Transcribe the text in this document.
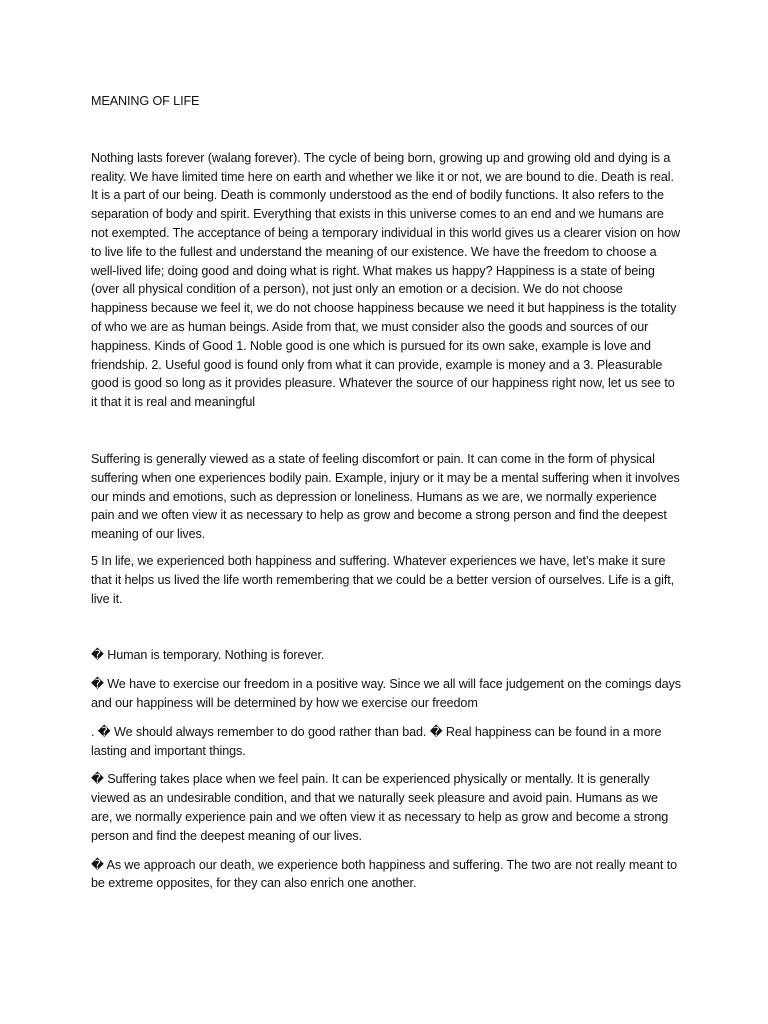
MEANING OF LIFE

Nothing lasts forever (walang forever). The cycle of being born, growing up and growing old and dying is a reality. We have limited time here on earth and whether we like it or not, we are bound to die. Death is real. It is a part of our being. Death is commonly understood as the end of bodily functions. It also refers to the separation of body and spirit. Everything that exists in this universe comes to an end and we humans are not exempted. The acceptance of being a temporary individual in this world gives us a clearer vision on how to live life to the fullest and understand the meaning of our existence. We have the freedom to choose a well-lived life; doing good and doing what is right. What makes us happy? Happiness is a state of being (over all physical condition of a person), not just only an emotion or a decision. We do not choose happiness because we feel it, we do not choose happiness because we need it but happiness is the totality of who we are as human beings. Aside from that, we must consider also the goods and sources of our happiness. Kinds of Good 1. Noble good is one which is pursued for its own sake, example is love and friendship. 2. Useful good is found only from what it can provide, example is money and a 3. Pleasurable good is good so long as it provides pleasure. Whatever the source of our happiness right now, let us see to it that it is real and meaningful

Suffering is generally viewed as a state of feeling discomfort or pain. It can come in the form of physical suffering when one experiences bodily pain. Example, injury or it may be a mental suffering when it involves our minds and emotions, such as depression or loneliness. Humans as we are, we normally experience pain and we often view it as necessary to help as grow and become a strong person and find the deepest meaning of our lives.

5 In life, we experienced both happiness and suffering. Whatever experiences we have, let’s make it sure that it helps us lived the life worth remembering that we could be a better version of ourselves. Life is a gift, live it.

� Human is temporary. Nothing is forever.

� We have to exercise our freedom in a positive way. Since we all will face judgement on the comings days and our happiness will be determined by how we exercise our freedom

. � We should always remember to do good rather than bad. � Real happiness can be found in a more lasting and important things.

� Suffering takes place when we feel pain. It can be experienced physically or mentally. It is generally viewed as an undesirable condition, and that we naturally seek pleasure and avoid pain. Humans as we are, we normally experience pain and we often view it as necessary to help as grow and become a strong person and find the deepest meaning of our lives.

� As we approach our death, we experience both happiness and suffering. The two are not really meant to be extreme opposites, for they can also enrich one another.
